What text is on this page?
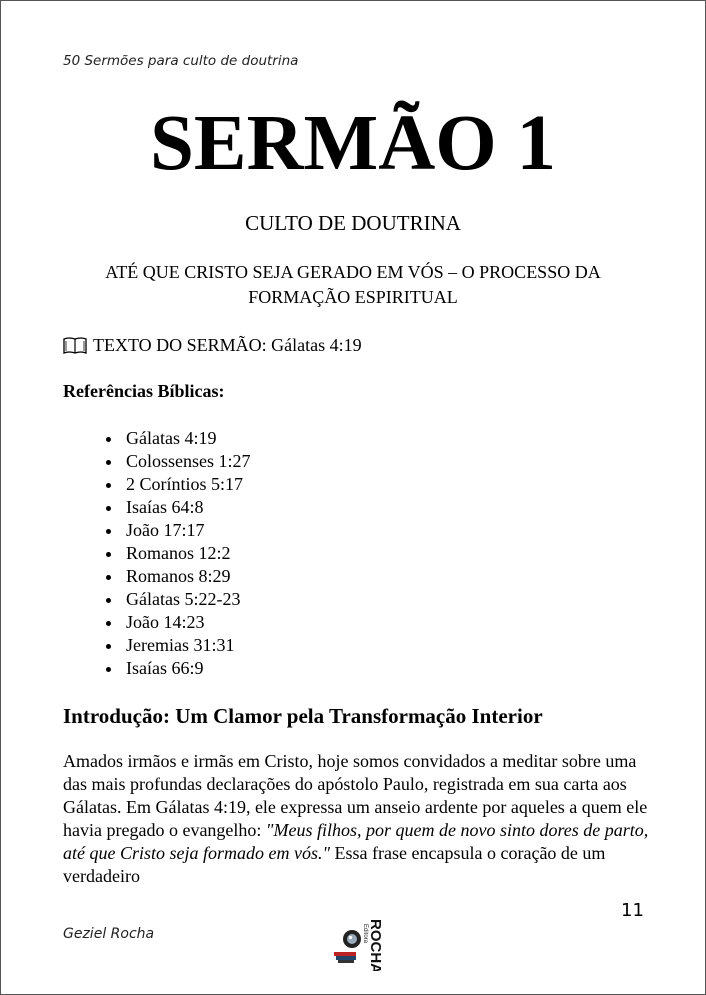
50 Sermões para culto de doutrina
SERMÃO 1
CULTO DE DOUTRINA
ATÉ QUE CRISTO SEJA GERADO EM VÓS – O PROCESSO DA FORMAÇÃO ESPIRITUAL
TEXTO DO SERMÃO: Gálatas 4:19
Referências Bíblicas:
• Gálatas 4:19
• Colossenses 1:27
• 2 Coríntios 5:17
• Isaías 64:8
• João 17:17
• Romanos 12:2
• Romanos 8:29
• Gálatas 5:22-23
• João 14:23
• Jeremias 31:31
• Isaías 66:9
Introdução: Um Clamor pela Transformação Interior

Amados irmãos e irmãs em Cristo, hoje somos convidados a meditar sobre uma das mais profundas declarações do apóstolo Paulo, registrada em sua carta aos Gálatas. Em Gálatas 4:19, ele expressa um anseio ardente por aqueles a quem ele havia pregado o evangelho: "Meus filhos, por quem de novo sinto dores de parto, até que Cristo seja formado em vós." Essa frase encapsula o coração de um verdadeiro

11
Geziel Rocha	Editora ROCHA
